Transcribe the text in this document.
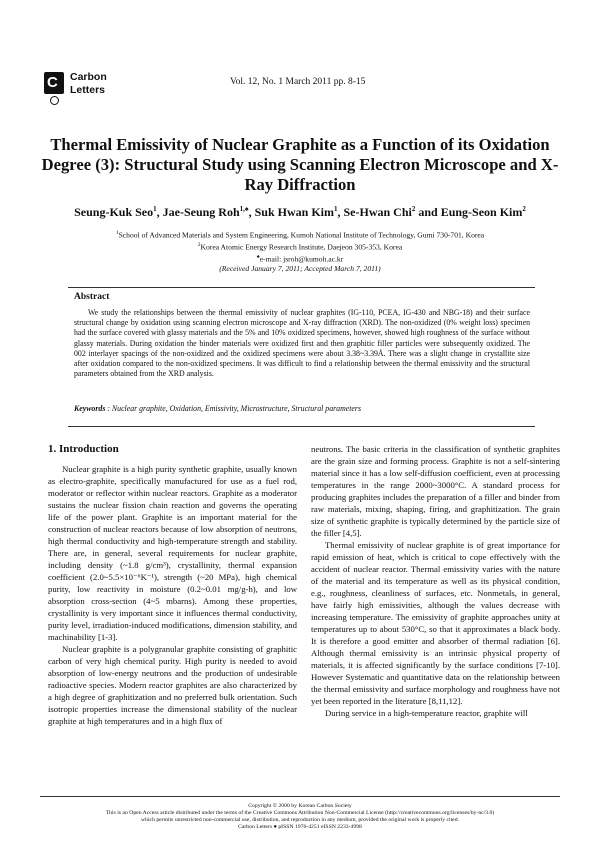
C Carbon
Letters
Vol. 12, No. 1 March 2011 pp. 8-15
Thermal Emissivity of Nuclear Graphite as a Function of its Oxidation Degree (3): Structural Study using Scanning Electron Microscope and X-Ray Diffraction
Seung-Kuk Seo$^1$, Jae-Seung Roh$^{1,♠}$, Suk Hwan Kim$^1$, Se-Hwan Chi$^2$ and Eung-Seon Kim$^2$
$^1$School of Advanced Materials and System Engineering, Kumoh National Institute of Technology, Gumi 730-701, Korea
$^2$Korea Atomic Energy Research Institute, Daejeon 305-353, Korea
♠e-mail: jsroh@kumoh.ac.kr
(Received January 7, 2011; Accepted March 7, 2011)
Abstract
We study the relationships between the thermal emissivity of nuclear graphites (IG-110, PCEA, IG-430 and NBG-18) and their surface structural change by oxidation using scanning electron microscope and X-ray diffraction (XRD). The non-oxidized (0% weight loss) specimen had the surface covered with glassy materials and the 5% and 10% oxidized specimens, however, showed high roughness of the surface without glassy materials. During oxidation the binder materials were oxidized first and then graphitic filler particles were subsequently oxidized. The 002 interlayer spacings of the non-oxidized and the oxidized specimens were about 3.38~3.39Å. There was a slight change in crystallite size after oxidation compared to the non-oxidized specimens. It was difficult to find a relationship between the thermal emissivity and the structural parameters obtained from the XRD analysis.
Keywords : Nuclear graphite, Oxidation, Emissivity, Microstructure, Structural parameters
1. Introduction

Nuclear graphite is a high purity synthetic graphite, usually known as electro-graphite, specifically manufactured for use as a fuel rod, moderator or reflector within nuclear reactors. Graphite as a moderator sustains the nuclear fission chain reaction and governs the operating life of the power plant. Graphite is an important material for the construction of nuclear reactors because of low absorption of neutrons, high thermal conductivity and high-temperature strength and stability. There are, in general, several requirements for nuclear graphite, including density (~1.8 g/cm³), crystallinity, thermal expansion coefficient (2.0~5.5×10⁻⁶K⁻¹), strength (~20 MPa), high chemical purity, low reactivity in moisture (0.2~0.01 mg/g-h), and low absorption cross-section (4~5 mbarns). Among these properties, crystallinity is very important since it influences thermal conductivity, purity level, irradiation-induced modifications, dimension stability, and machinability [1-3].

Nuclear graphite is a polygranular graphite consisting of graphitic carbon of very high chemical purity. High purity is needed to avoid absorption of low-energy neutrons and the production of undesirable radioactive species. Modern reactor graphites are also characterized by a high degree of graphitization and no preferred bulk orientation. Such isotropic properties increase the dimensional stability of the nuclear graphite at high temperatures and in a high flux of

neutrons. The basic criteria in the classification of synthetic graphites are the grain size and forming process. Graphite is not a self-sintering material since it has a low self-diffusion coefficient, even at processing temperatures in the range 2000~3000°C. A standard process for producing graphites includes the preparation of a filler and binder from raw materials, mixing, shaping, firing, and graphitization. The grain size of synthetic graphite is typically determined by the particle size of the filler [4,5].

Thermal emissivity of nuclear graphite is of great importance for rapid emission of heat, which is critical to cope effectively with the accident of nuclear reactor. Thermal emissivity varies with the nature of the material and its temperature as well as its physical condition, e.g., roughness, cleanliness of surfaces, etc. Nonmetals, in general, have fairly high emissivities, although the values decrease with increasing temperature. The emissivity of graphite approaches unity at temperatures up to about 530°C, so that it approximates a black body. It is therefore a good emitter and absorber of thermal radiation [6]. Although thermal emissivity is an intrinsic physical property of materials, it is affected significantly by the surface conditions [7-10]. However Systematic and quantitative data on the relationship between the thermal emissivity and surface morphology and roughness have not yet been reported in the literature [8,11,12].

During service in a high-temperature reactor, graphite will

Copyright © 2000 by Korean Carbon Society
This is an Open Access article distributed under the terms of the Creative Commons Attribution Non-Commercial License (http://creativecommons.org/licenses/by-nc/3.0)
which permits unrestricted non-commercial use, distribution, and reproduction in any medium, provided the original work is properly cited.
Carbon Letters ● pISSN 1976-4251 eISSN 2233-4998
